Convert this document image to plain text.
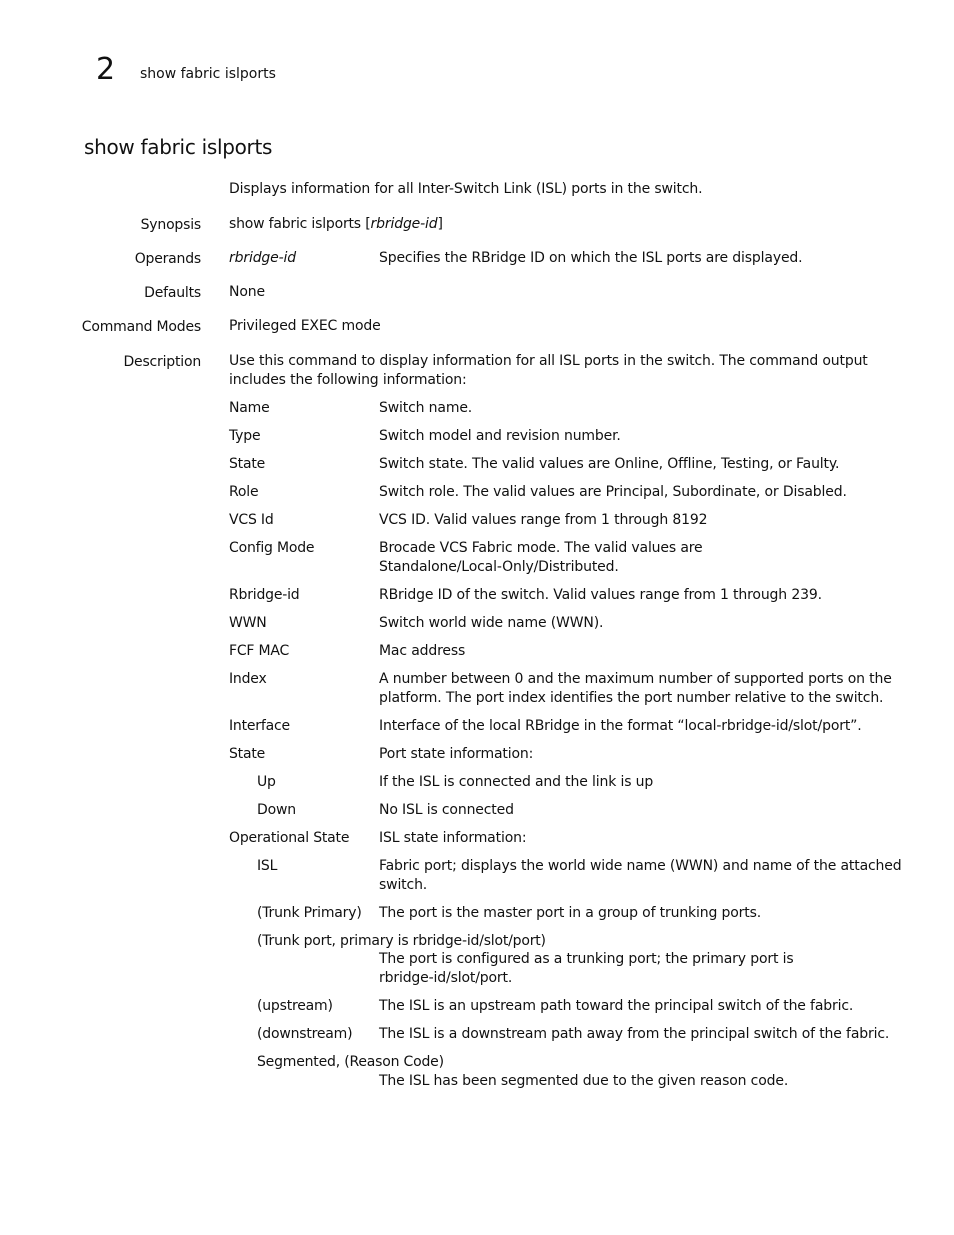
2 show fabric islports
show fabric islports
Displays information for all Inter-Switch Link (ISL) ports in the switch.
Synopsis show fabric islports [rbridge-id]
Operands rbridge-id	Specifies the RBridge ID on which the ISL ports are displayed.
Defaults None
Command Modes Privileged EXEC mode
Description Use this command to display information for all ISL ports in the switch. The command output
includes the following information:
Name	Switch name.
Type	Switch model and revision number.
State	Switch state. The valid values are Online, Offline, Testing, or Faulty.
Role	Switch role. The valid values are Principal, Subordinate, or Disabled.
VCS Id	VCS ID. Valid values range from 1 through 8192
Config Mode	Brocade VCS Fabric mode. The valid values are
Standalone/Local-Only/Distributed.
Rbridge-id	RBridge ID of the switch. Valid values range from 1 through 239.
WWN	Switch world wide name (WWN).
FCF MAC	Mac address
Index	A number between 0 and the maximum number of supported ports on the
platform. The port index identifies the port number relative to the switch.
Interface	Interface of the local RBridge in the format “local-rbridge-id/slot/port”.
State	Port state information:
Up	If the ISL is connected and the link is up
Down	No ISL is connected
Operational State ISL state information:
ISL	Fabric port; displays the world wide name (WWN) and name of the attached
switch.
(Trunk Primary) The port is the master port in a group of trunking ports.
(Trunk port, primary is rbridge-id/slot/port)
The port is configured as a trunking port; the primary port is
rbridge-id/slot/port.
(upstream)	The ISL is an upstream path toward the principal switch of the fabric.
(downstream) The ISL is a downstream path away from the principal switch of the fabric.
Segmented, (Reason Code)
The ISL has been segmented due to the given reason code.
